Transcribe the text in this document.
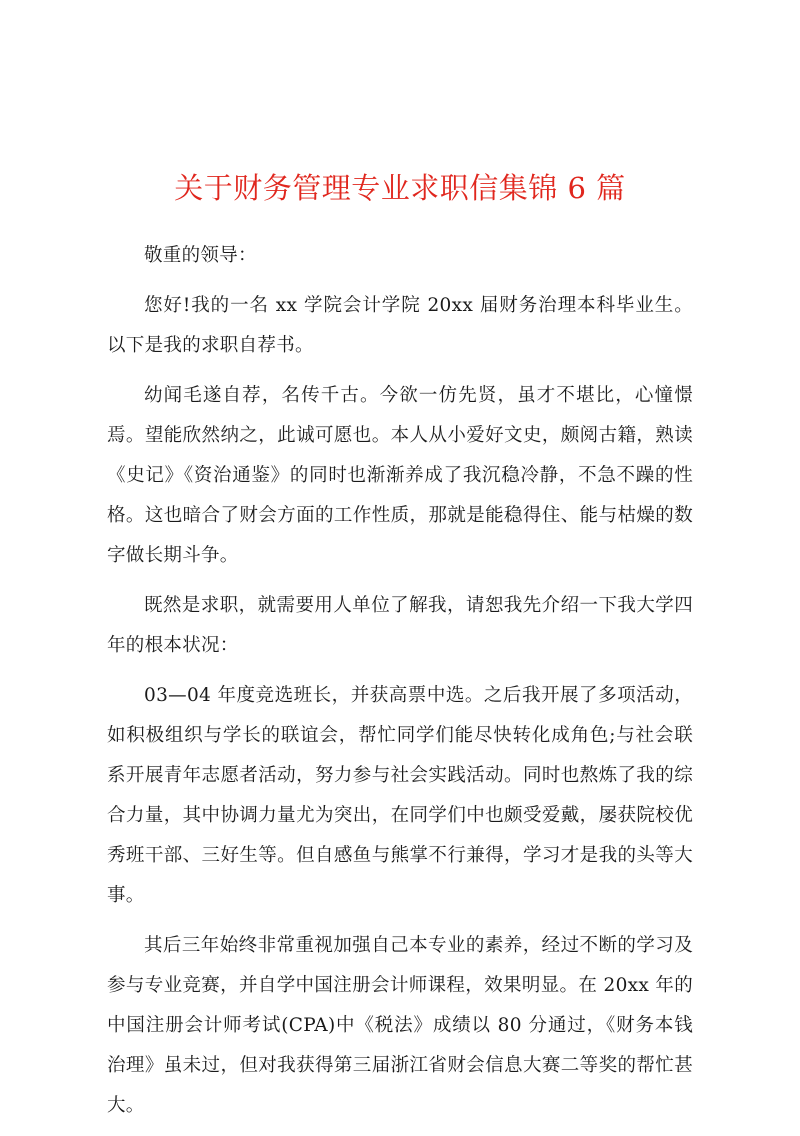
关于财务管理专业求职信集锦 6 篇

敬重的领导：

您好!我的一名 xx 学院会计学院 20xx 届财务治理本科毕业生。以下是我的求职自荐书。

幼闻毛遂自荐，名传千古。今欲一仿先贤，虽才不堪比，心憧憬焉。望能欣然纳之，此诚可愿也。本人从小爱好文史，颇阅古籍，熟读《史记》《资治通鉴》的同时也渐渐养成了我沉稳冷静，不急不躁的性格。这也暗合了财会方面的工作性质，那就是能稳得住、能与枯燥的数字做长期斗争。

既然是求职，就需要用人单位了解我，请恕我先介绍一下我大学四年的根本状况：

03—04 年度竞选班长，并获高票中选。之后我开展了多项活动，如积极组织与学长的联谊会，帮忙同学们能尽快转化成角色;与社会联系开展青年志愿者活动，努力参与社会实践活动。同时也熬炼了我的综合力量，其中协调力量尤为突出，在同学们中也颇受爱戴，屡获院校优秀班干部、三好生等。但自感鱼与熊掌不行兼得，学习才是我的头等大事。

其后三年始终非常重视加强自己本专业的素养，经过不断的学习及参与专业竞赛，并自学中国注册会计师课程，效果明显。在 20xx 年的中国注册会计师考试(CPA)中《税法》成绩以 80 分通过，《财务本钱治理》虽未过，但对我获得第三届浙江省财会信息大赛二等奖的帮忙甚大。
